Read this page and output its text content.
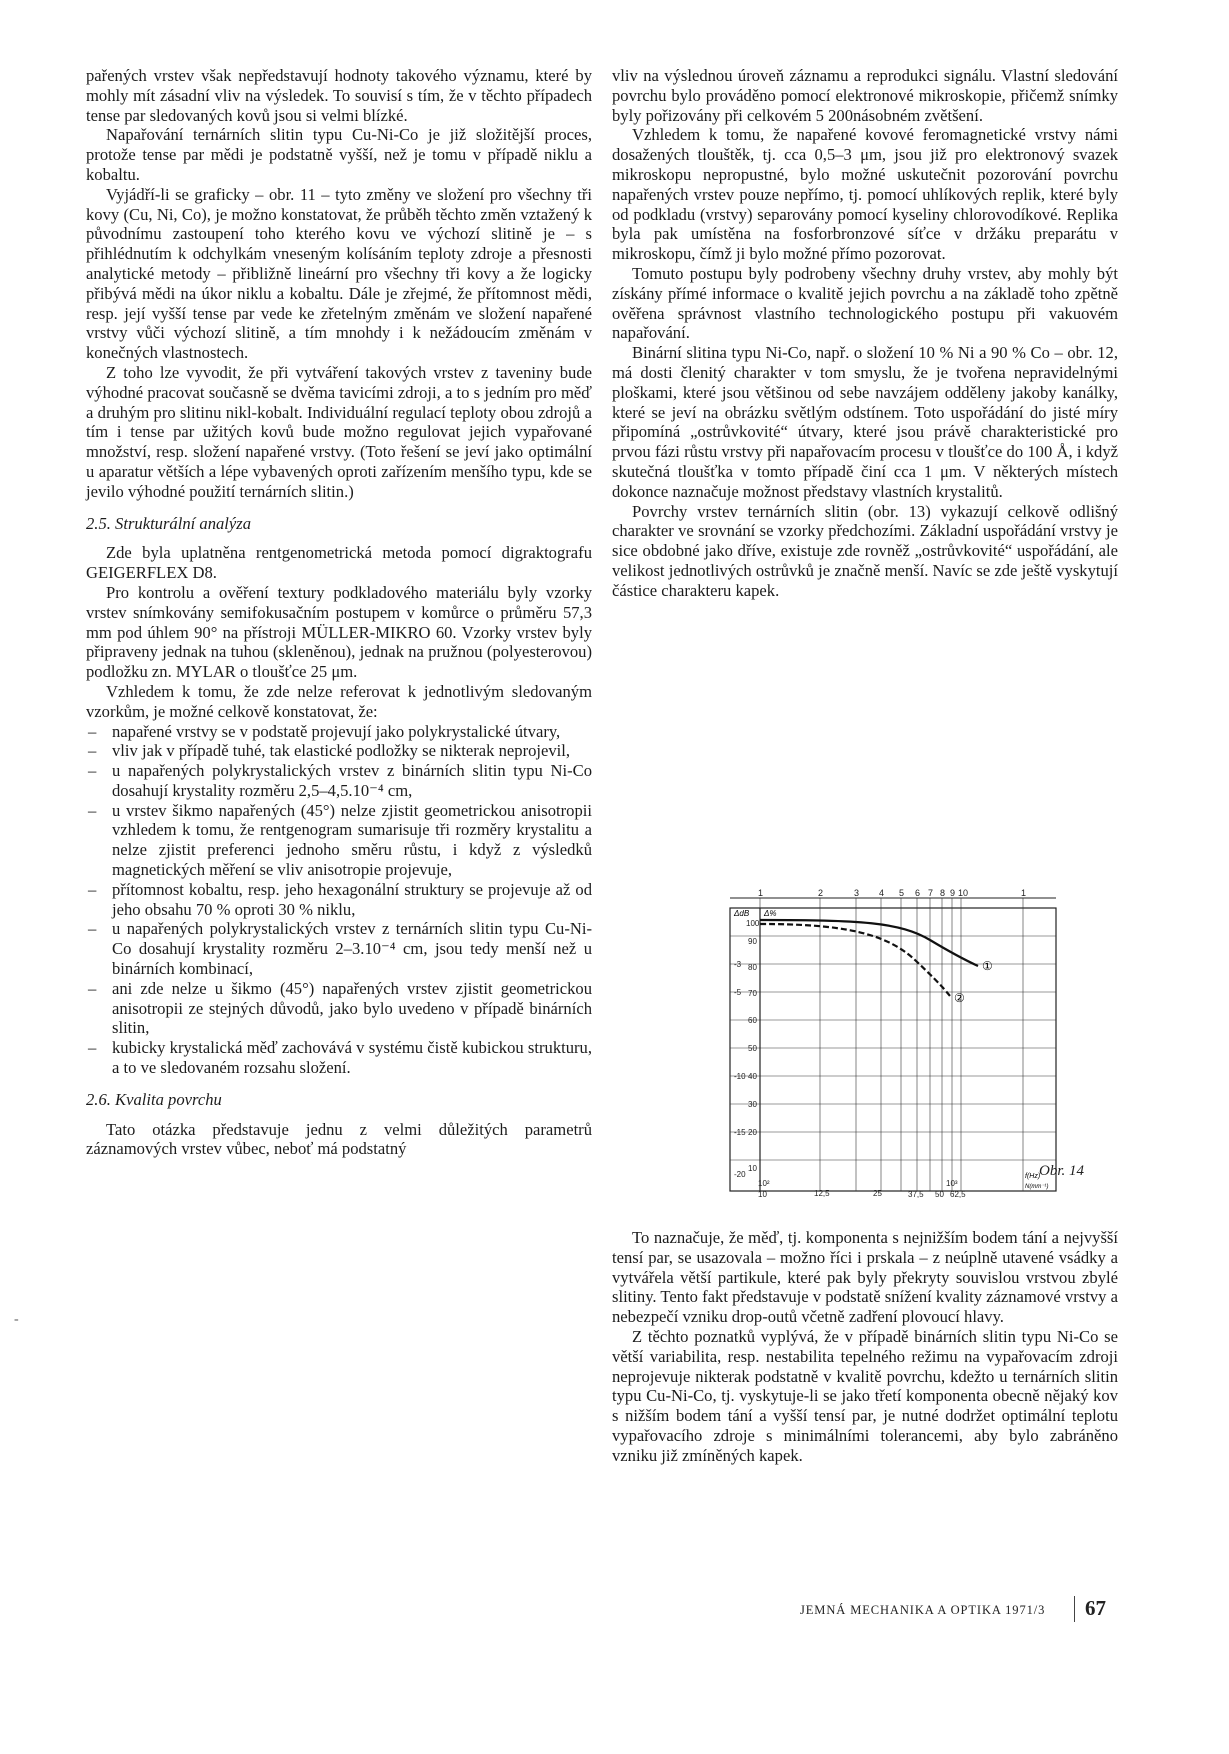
pařených vrstev však nepředstavují hodnoty takového významu, které by mohly mít zásadní vliv na výsledek. To souvisí s tím, že v těchto případech tense par sledovaných kovů jsou si velmi blízké.

Napařování ternárních slitin typu Cu-Ni-Co je již složitější proces, protože tense par mědi je podstatně vyšší, než je tomu v případě niklu a kobaltu.

Vyjádří-li se graficky – obr. 11 – tyto změny ve složení pro všechny tři kovy (Cu, Ni, Co), je možno konstatovat, že průběh těchto změn vztažený k původnímu zastoupení toho kterého kovu ve výchozí slitině je – s přihlédnutím k odchylkám vneseným kolísáním teploty zdroje a přesnosti analytické metody – přibližně lineární pro všechny tři kovy a že logicky přibývá mědi na úkor niklu a kobaltu. Dále je zřejmé, že přítomnost mědi, resp. její vyšší tense par vede ke zřetelným změnám ve složení napařené vrstvy vůči výchozí slitině, a tím mnohdy i k nežádoucím změnám v konečných vlastnostech.

Z toho lze vyvodit, že při vytváření takových vrstev z taveniny bude výhodné pracovat současně se dvěma tavicími zdroji, a to s jedním pro měď a druhým pro slitinu nikl-kobalt. Individuální regulací teploty obou zdrojů a tím i tense par užitých kovů bude možno regulovat jejich vypařované množství, resp. složení napařené vrstvy. (Toto řešení se jeví jako optimální u aparatur větších a lépe vybavených oproti zařízením menšího typu, kde se jevilo výhodné použití ternárních slitin.)

2.5. Strukturální analýza

Zde byla uplatněna rentgenometrická metoda pomocí digraktografu GEIGERFLEX D8.

Pro kontrolu a ověření textury podkladového materiálu byly vzorky vrstev snímkovány semifokusačním postupem v komůrce o průměru 57,3 mm pod úhlem 90° na přístroji MÜLLER-MIKRO 60. Vzorky vrstev byly připraveny jednak na tuhou (skleněnou), jednak na pružnou (polyesterovou) podložku zn. MYLAR o tloušťce 25 μm.

Vzhledem k tomu, že zde nelze referovat k jednotlivým sledovaným vzorkům, je možné celkově konstatovat, že:

– napařené vrstvy se v podstatě projevují jako polykrystalické útvary,
– vliv jak v případě tuhé, tak elastické podložky se nikterak neprojevil,
– u napařených polykrystalických vrstev z binárních slitin typu Ni-Co dosahují krystality rozměru 2,5–4,5.10⁻⁴ cm,
– u vrstev šikmo napařených (45°) nelze zjistit geometrickou anisotropii vzhledem k tomu, že rentgenogram sumarisuje tři rozměry krystalitu a nelze zjistit preferenci jednoho směru růstu, i když z výsledků magnetických měření se vliv anisotropie projevuje,
– přítomnost kobaltu, resp. jeho hexagonální struktury se projevuje až od jeho obsahu 70 % oproti 30 % niklu,
– u napařených polykrystalických vrstev z ternárních slitin typu Cu-Ni-Co dosahují krystality rozměru 2–3.10⁻⁴ cm, jsou tedy menší než u binárních kombinací,
– ani zde nelze u šikmo (45°) napařených vrstev zjistit geometrickou anisotropii ze stejných důvodů, jako bylo uvedeno v případě binárních slitin,
– kubicky krystalická měď zachovává v systému čistě kubickou strukturu, a to ve sledovaném rozsahu složení.
2.6. Kvalita povrchu

Tato otázka představuje jednu z velmi důležitých parametrů záznamových vrstev vůbec, neboť má podstatný

vliv na výslednou úroveň záznamu a reprodukci signálu. Vlastní sledování povrchu bylo prováděno pomocí elektronové mikroskopie, přičemž snímky byly pořizovány při celkovém 5 200násobném zvětšení.

Vzhledem k tomu, že napařené kovové feromagnetické vrstvy námi dosažených tlouštěk, tj. cca 0,5–3 μm, jsou již pro elektronový svazek mikroskopu nepropustné, bylo možné uskutečnit pozorování povrchu napařených vrstev pouze nepřímo, tj. pomocí uhlíkových replik, které byly od podkladu (vrstvy) separovány pomocí kyseliny chlorovodíkové. Replika byla pak umístěna na fosforbronzové síťce v držáku preparátu v mikroskopu, čímž ji bylo možné přímo pozorovat.

Tomuto postupu byly podrobeny všechny druhy vrstev, aby mohly být získány přímé informace o kvalitě jejich povrchu a na základě toho zpětně ověřena správnost vlastního technologického postupu při vakuovém napařování.

Binární slitina typu Ni-Co, např. o složení 10 % Ni a 90 % Co – obr. 12, má dosti členitý charakter v tom smyslu, že je tvořena nepravidelnými ploškami, které jsou většinou od sebe navzájem odděleny jakoby kanálky, které se jeví na obrázku světlým odstínem. Toto uspořádání do jisté míry připomíná „ostrůvkovité“ útvary, které jsou právě charakteristické pro prvou fázi růstu vrstvy při napařovacím procesu v tloušťce do 100 Å, i když skutečná tloušťka v tomto případě činí cca 1 μm. V některých místech dokonce naznačuje možnost představy vlastních krystalitů.

Povrchy vrstev ternárních slitin (obr. 13) vykazují celkově odlišný charakter ve srovnání se vzorky předchozími. Základní uspořádání vrstvy je sice obdobné jako dříve, existuje zde rovněž „ostrůvkovité“ uspořádání, ale velikost jednotlivých ostrůvků je značně menší. Navíc se zde ještě vyskytují částice charakteru kapek.

①
②
1	2	3 4 5 6 7 8 9 10	1
ΔdB Δ%
-3
-5
-10
-15
-20
100
90
80
70
60
50
40
30
20
10
10²
10	12,5	25	37,5
10³
50 62,5
f(Hz)
N(mm⁻¹)
Obr. 14

To naznačuje, že měď, tj. komponenta s nejnižším bodem tání a nejvyšší tensí par, se usazovala – možno říci i prskala – z neúplně utavené vsádky a vytvářela větší partikule, které pak byly překryty souvislou vrstvou zbylé slitiny. Tento fakt představuje v podstatě snížení kvality záznamové vrstvy a nebezpečí vzniku drop-outů včetně zadření plovoucí hlavy.

Z těchto poznatků vyplývá, že v případě binárních slitin typu Ni-Co se větší variabilita, resp. nestabilita tepelného režimu na vypařovacím zdroji neprojevuje nikterak podstatně v kvalitě povrchu, kdežto u ternárních slitin typu Cu-Ni-Co, tj. vyskytuje-li se jako třetí komponenta obecně nějaký kov s nižším bodem tání a vyšší tensí par, je nutné dodržet optimální teplotu vypařovacího zdroje s minimálními tolerancemi, aby bylo zabráněno vzniku již zmíněných kapek.

-
JEMNÁ MECHANIKA A OPTIKA 1971/3 67
